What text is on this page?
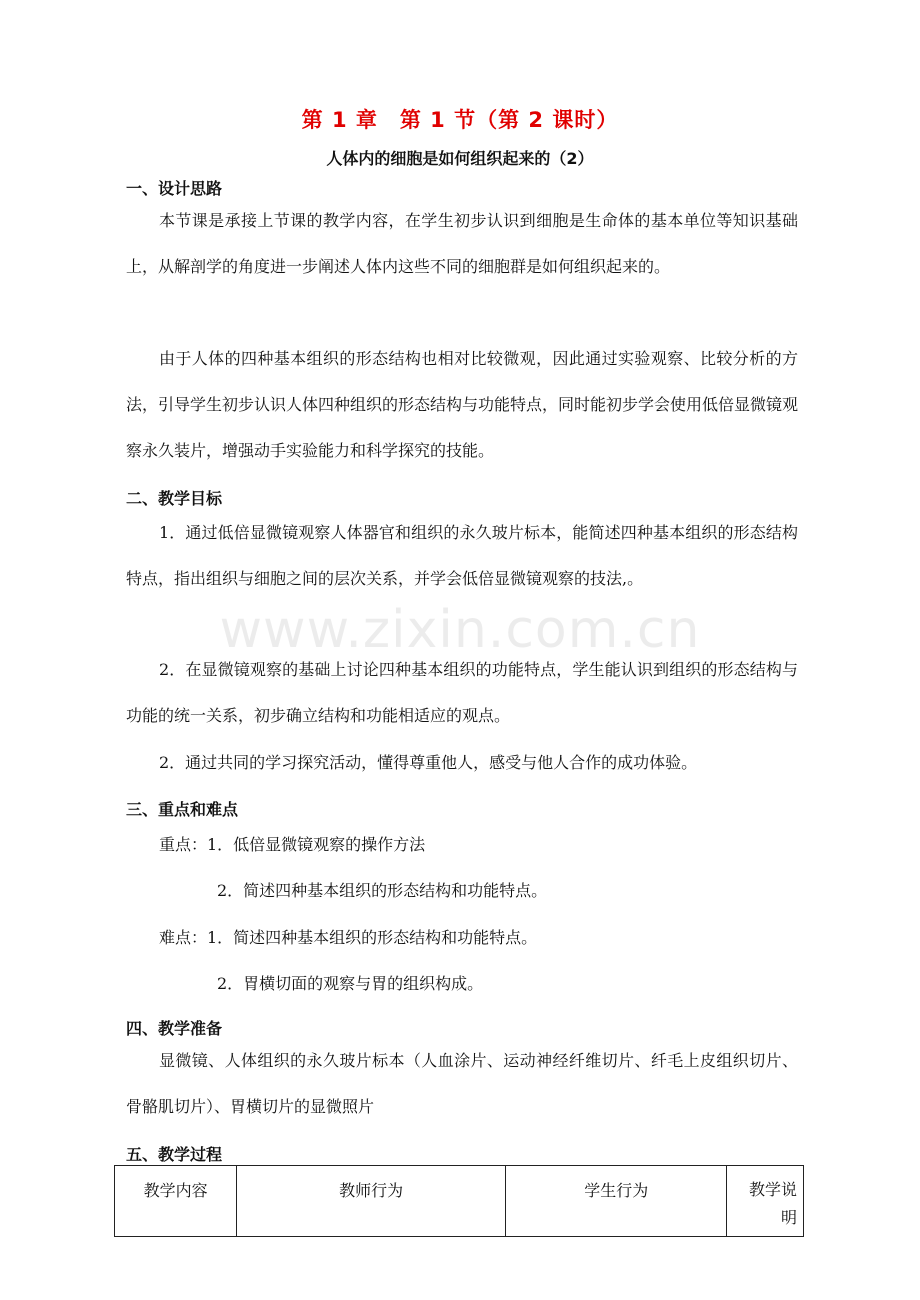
www.zixin.com.cn
第 1 章　第 1 节（第 2 课时）
人体内的细胞是如何组织起来的（2）
一、设计思路
本节课是承接上节课的教学内容，在学生初步认识到细胞是生命体的基本单位等知识基础上，从解剖学的角度进一步阐述人体内这些不同的细胞群是如何组织起来的。
由于人体的四种基本组织的形态结构也相对比较微观，因此通过实验观察、比较分析的方法，引导学生初步认识人体四种组织的形态结构与功能特点，同时能初步学会使用低倍显微镜观察永久装片，增强动手实验能力和科学探究的技能。
二、教学目标
1．通过低倍显微镜观察人体器官和组织的永久玻片标本，能简述四种基本组织的形态结构特点，指出组织与细胞之间的层次关系，并学会低倍显微镜观察的技法,。
2．在显微镜观察的基础上讨论四种基本组织的功能特点，学生能认识到组织的形态结构与功能的统一关系，初步确立结构和功能相适应的观点。
2．通过共同的学习探究活动，懂得尊重他人，感受与他人合作的成功体验。
三、重点和难点
重点：1．低倍显微镜观察的操作方法
2．简述四种基本组织的形态结构和功能特点。
难点：1．简述四种基本组织的形态结构和功能特点。
2．胃横切面的观察与胃的组织构成。
四、教学准备
显微镜、人体组织的永久玻片标本（人血涂片、运动神经纤维切片、纤毛上皮组织切片、骨骼肌切片）、胃横切片的显微照片
五、教学过程
教学内容	教师行为	学生行为	教学说明
